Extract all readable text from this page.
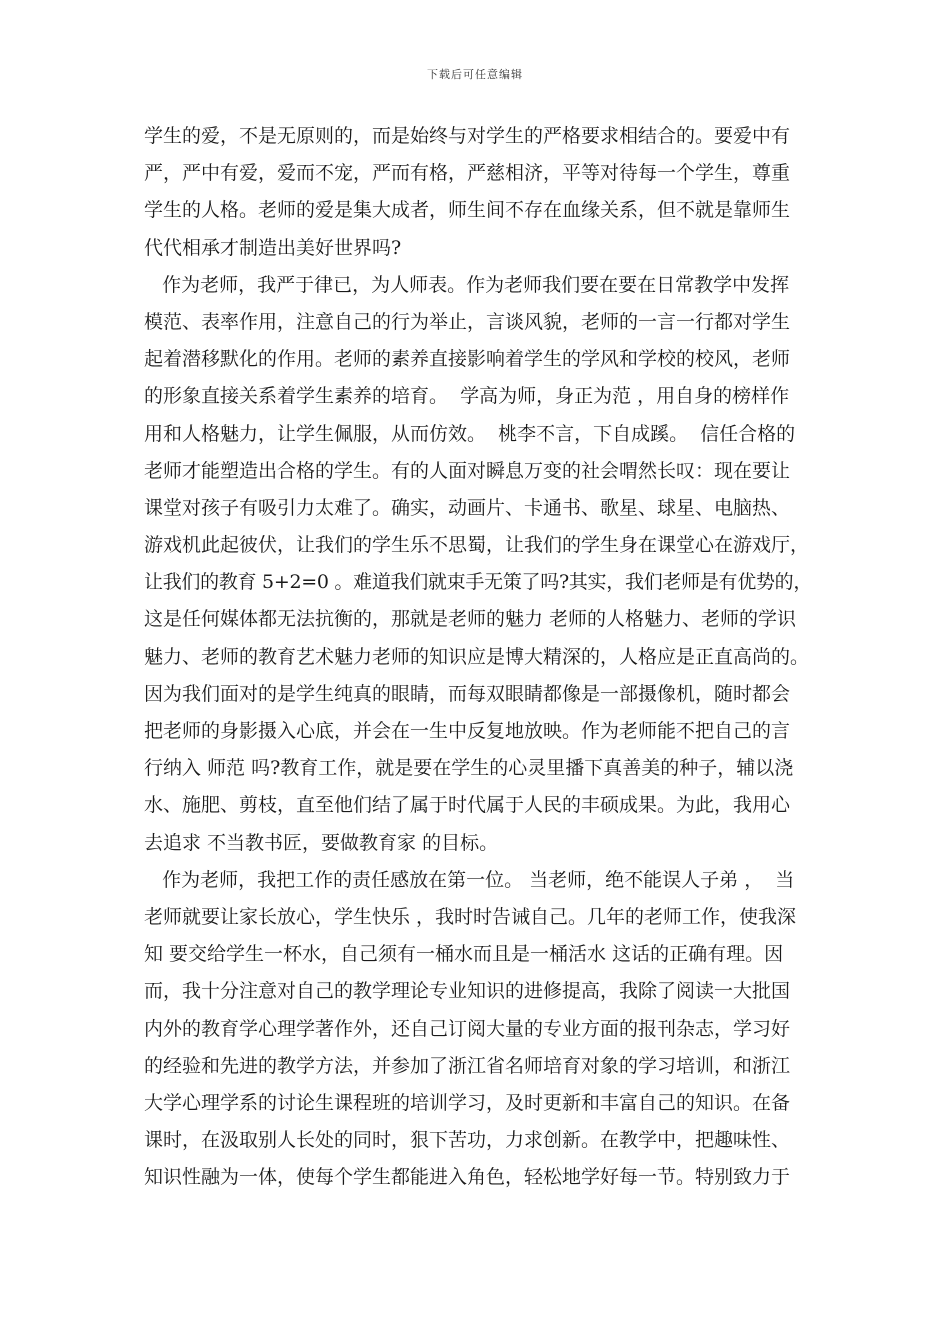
下载后可任意编辑
学生的爱，不是无原则的，而是始终与对学生的严格要求相结合的。要爱中有
严，严中有爱，爱而不宠，严而有格，严慈相济，平等对待每一个学生，尊重
学生的人格。老师的爱是集大成者，师生间不存在血缘关系，但不就是靠师生
代代相承才制造出美好世界吗?
作为老师，我严于律已，为人师表。作为老师我们要在要在日常教学中发挥
模范、表率作用，注意自己的行为举止，言谈风貌，老师的一言一行都对学生
起着潜移默化的作用。老师的素养直接影响着学生的学风和学校的校风，老师
的形象直接关系着学生素养的培育。  学高为师，身正为范 ，用自身的榜样作
用和人格魅力，让学生佩服，从而仿效。  桃李不言，下自成蹊。  信任合格的
老师才能塑造出合格的学生。有的人面对瞬息万变的社会喟然长叹：现在要让
课堂对孩子有吸引力太难了。确实，动画片、卡通书、歌星、球星、电脑热、
游戏机此起彼伏，让我们的学生乐不思蜀，让我们的学生身在课堂心在游戏厅，
让我们的教育 5+2=0 。难道我们就束手无策了吗?其实，我们老师是有优势的，
这是任何媒体都无法抗衡的，那就是老师的魅力 老师的人格魅力、老师的学识
魅力、老师的教育艺术魅力老师的知识应是博大精深的，人格应是正直高尚的。
因为我们面对的是学生纯真的眼睛，而每双眼睛都像是一部摄像机，随时都会
把老师的身影摄入心底，并会在一生中反复地放映。作为老师能不把自己的言
行纳入 师范 吗?教育工作，就是要在学生的心灵里播下真善美的种子，辅以浇
水、施肥、剪枝，直至他们结了属于时代属于人民的丰硕成果。为此，我用心
去追求 不当教书匠，要做教育家 的目标。
作为老师，我把工作的责任感放在第一位。 当老师，绝不能误人子弟 ，  当
老师就要让家长放心，学生快乐 ，我时时告诫自己。几年的老师工作，使我深
知 要交给学生一杯水，自己须有一桶水而且是一桶活水 这话的正确有理。因
而，我十分注意对自己的教学理论专业知识的进修提高，我除了阅读一大批国
内外的教育学心理学著作外，还自己订阅大量的专业方面的报刊杂志，学习好
的经验和先进的教学方法，并参加了浙江省名师培育对象的学习培训，和浙江
大学心理学系的讨论生课程班的培训学习，及时更新和丰富自己的知识。在备
课时，在汲取别人长处的同时，狠下苦功，力求创新。在教学中，把趣味性、
知识性融为一体，使每个学生都能进入角色，轻松地学好每一节。特别致力于
